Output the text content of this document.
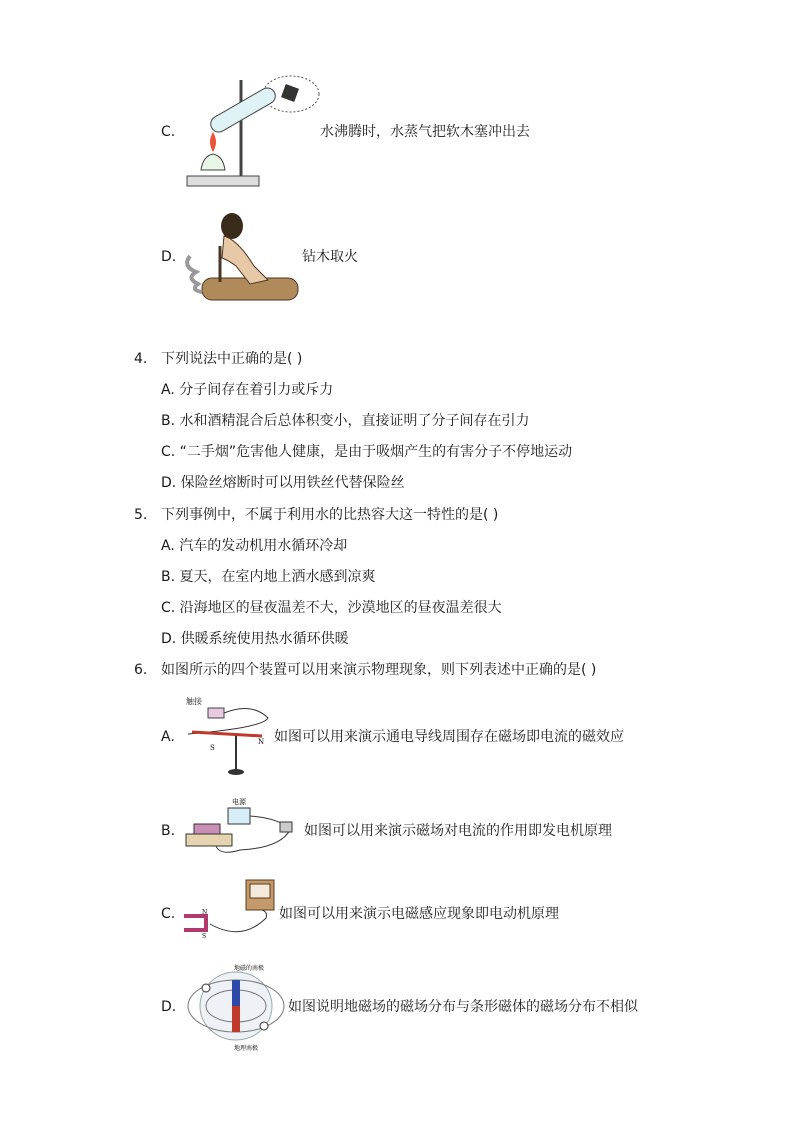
C.	水沸腾时，水蒸气把软木塞冲出去
D.	钻木取火
4. 下列说法中正确的是( )
A. 分子间存在着引力或斥力
B. 水和酒精混合后总体积变小，直接证明了分子间存在引力
C. “二手烟”危害他人健康，是由于吸烟产生的有害分子不停地运动
D. 保险丝熔断时可以用铁丝代替保险丝
5. 下列事例中，不属于利用水的比热容大这一特性的是( )
A. 汽车的发动机用水循环冷却
B. 夏天，在室内地上洒水感到凉爽
C. 沿海地区的昼夜温差不大，沙漠地区的昼夜温差很大
D. 供暖系统使用热水循环供暖
6. 如图所示的四个装置可以用来演示物理现象，则下列表述中正确的是( )
A.
触接
S
N 如图可以用来演示通电导线周围存在磁场即电流的磁效应
B.
电源
如图可以用来演示磁场对电流的作用即发电机原理
C.	N
S
如图可以用来演示电磁感应现象即电动机原理
D.
地磁的南极
地理南极
如图说明地磁场的磁场分布与条形磁体的磁场分布不相似
